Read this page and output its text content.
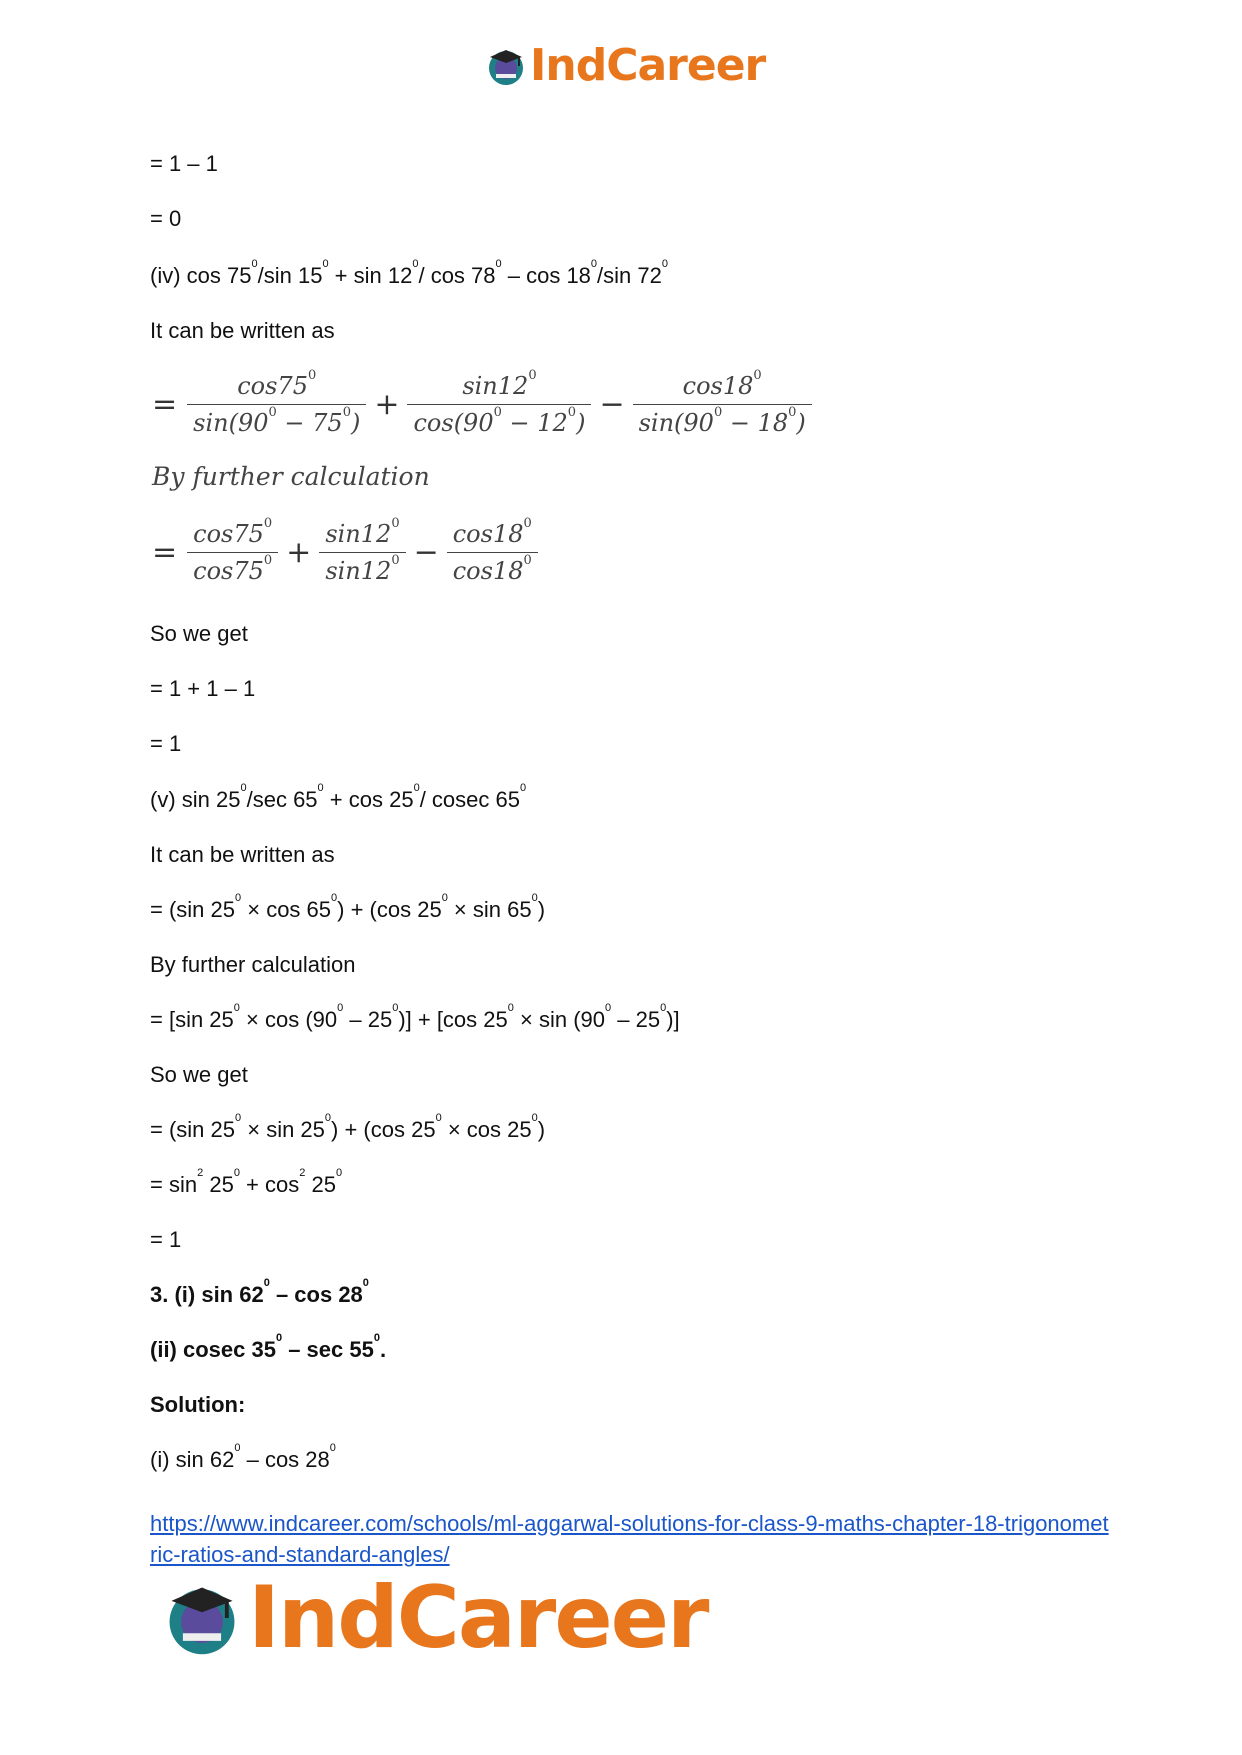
IndCareer
= 1 – 1
= 0
(iv) $\cos 75^0/\sin$ $15^0 + \sin 12^0/$ $\cos 78^0$ – $\cos 18^0/\sin$ $72^0$
It can be written as
= $\frac{\cos 75^0}{\sin(90^0 - 75^0)} + \frac{\sin 12^0}{\cos(90^0 - 12^0)} - \frac{\cos 18^0}{\sin(90^0 - 18^0)}$
By further calculation
= $\frac{\cos 75^0}{\cos 75^0} + \frac{\sin 12^0}{\sin 12^0} - \frac{\cos 18^0}{\cos 18^0}$
So we get
= 1 + 1 – 1
= 1
(v) $\sin 25^0/\sec$ $65^0 + \cos 25^0/$ cosec $65^0$
It can be written as
= (sin $25^0 \times \cos 65^0) + (\cos$ $25^0 \times \sin 65^0$)
By further calculation
= [sin $25^0 \times \cos (90^0 - 25^0)] + [\cos$ $25^0 \times \sin (90^0 - 25^0)$]
So we get
= (sin $25^0 \times \sin 25^0) + (\cos$ $25^0 \times \cos 25^0$)
= $\sin^2 25^0 + \cos^2 25^0$
= 1
3. (i) $\sin 62^0$ – $\cos 28^0$
(ii) cosec $35^0$ – $\sec 55^0$.
Solution:
(i) $\sin 62^0$ – $\cos 28^0$
https://www.indcareer.com/schools/ml-aggarwal-solutions-for-class-9-maths-chapter-18-trigonometric-ratios-and-standard-angles/
IndCareer
